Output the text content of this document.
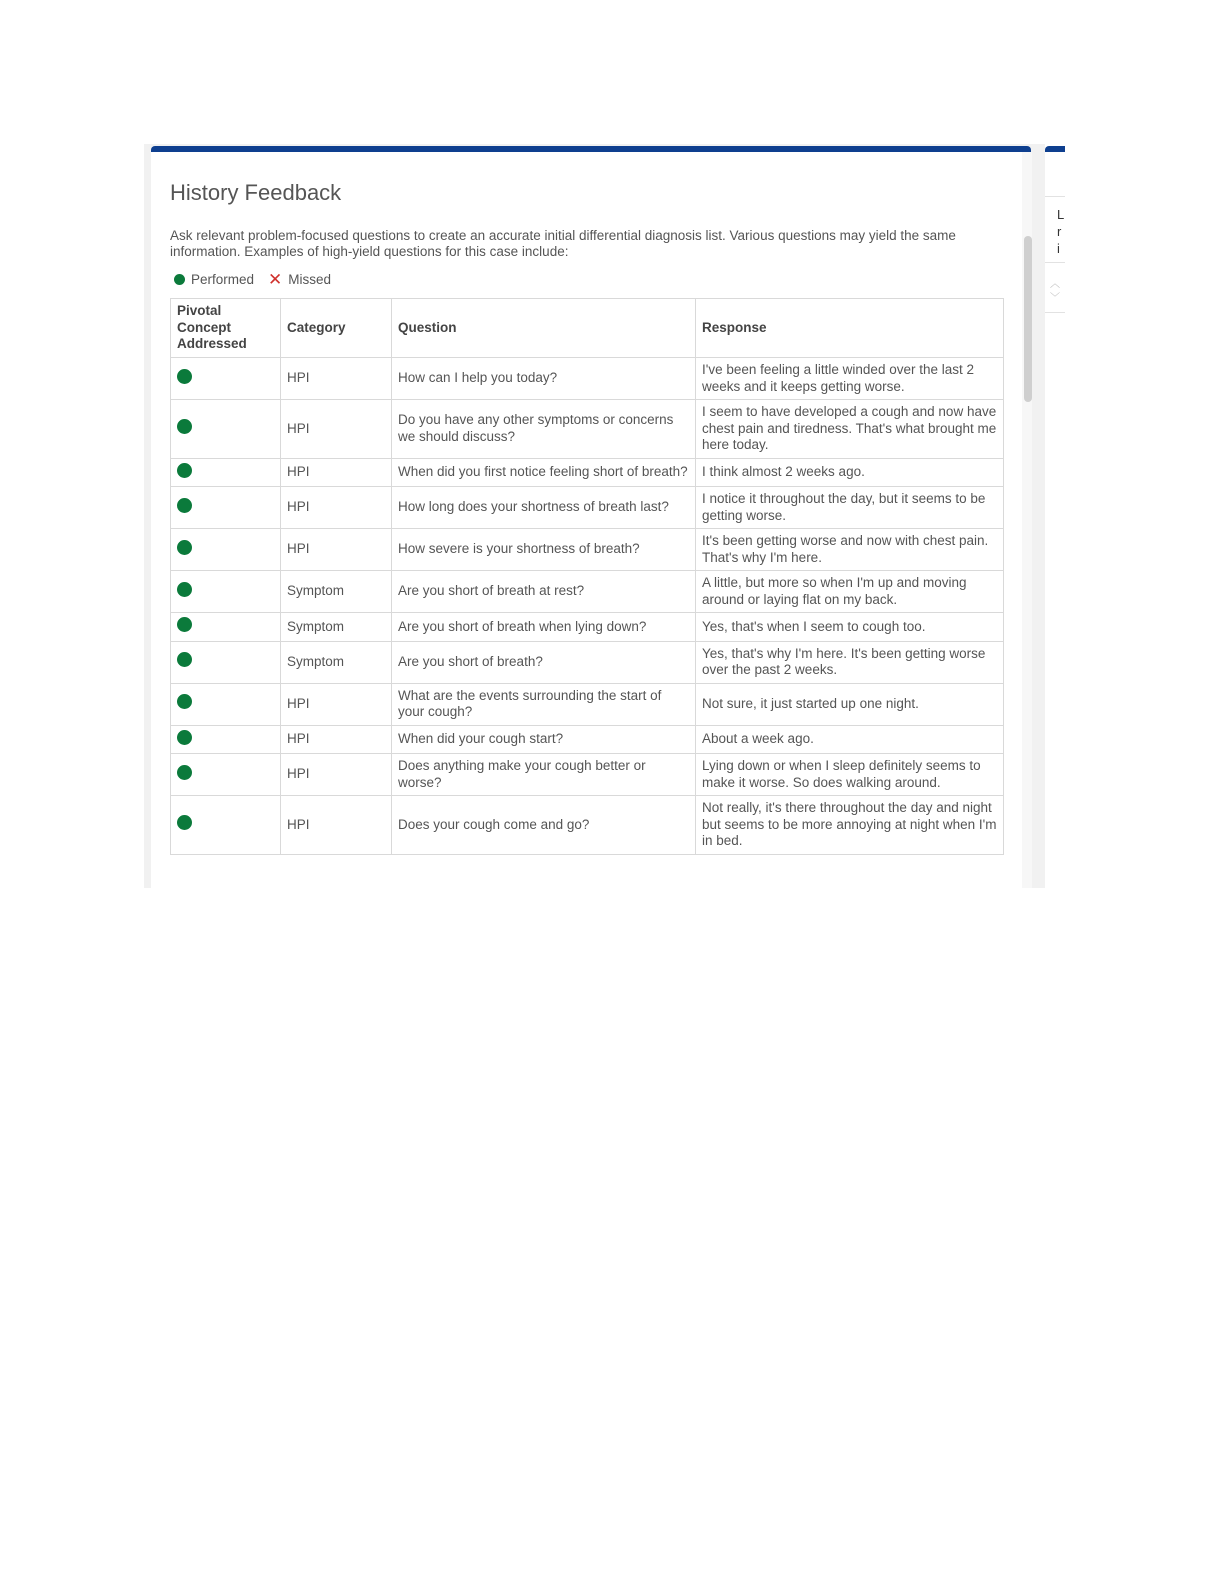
History Feedback

Ask relevant problem-focused questions to create an accurate initial differential diagnosis list. Various questions may yield the same information. Examples of high-yield questions for this case include:

Performed ✕ Missed
Pivotal Concept Addressed	Category	Question	Response
	HPI	How can I help you today?	I've been feeling a little winded over the last 2 weeks and it keeps getting worse.
	HPI	Do you have any other symptoms or concerns we should discuss?	I seem to have developed a cough and now have chest pain and tiredness. That's what brought me here today.
	HPI	When did you first notice feeling short of breath?	I think almost 2 weeks ago.
	HPI	How long does your shortness of breath last?	I notice it throughout the day, but it seems to be getting worse.
	HPI	How severe is your shortness of breath?	It's been getting worse and now with chest pain. That's why I'm here.
	Symptom	Are you short of breath at rest?	A little, but more so when I'm up and moving around or laying flat on my back.
	Symptom	Are you short of breath when lying down?	Yes, that's when I seem to cough too.
	Symptom	Are you short of breath?	Yes, that's why I'm here. It's been getting worse over the past 2 weeks.
	HPI	What are the events surrounding the start of your cough?	Not sure, it just started up one night.
	HPI	When did your cough start?	About a week ago.
	HPI	Does anything make your cough better or worse?	Lying down or when I sleep definitely seems to make it worse. So does walking around.
	HPI	Does your cough come and go?	Not really, it's there throughout the day and night but seems to be more annoying at night when I'm in bed.
L
r
i
︿
﹀
